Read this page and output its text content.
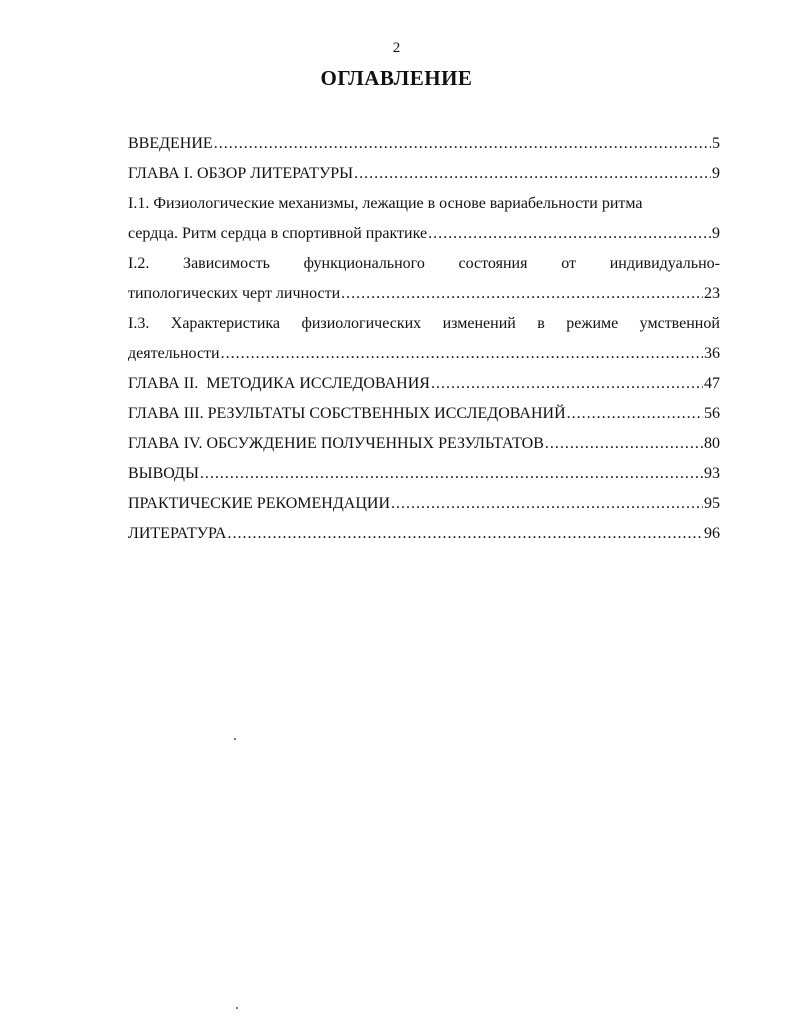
2
ОГЛАВЛЕНИЕ
ВВЕДЕНИЕ .....	5
ГЛАВА I. ОБЗОР ЛИТЕРАТУРЫ .....	9
I.1. Физиологические механизмы, лежащие в основе вариабельности ритма
сердца. Ритм сердца в спортивной практике .....	9
I.2. Зависимость функционального состояния от индивидуально-
типологических черт личности .....	23
I.3. Характеристика физиологических изменений в режиме умственной
деятельности .....	36
ГЛАВА II.  МЕТОДИКА ИССЛЕДОВАНИЯ .....	47
ГЛАВА III. РЕЗУЛЬТАТЫ СОБСТВЕННЫХ ИССЛЕДОВАНИЙ .....	56
ГЛАВА IV. ОБСУЖДЕНИЕ ПОЛУЧЕННЫХ РЕЗУЛЬТАТОВ .....	80
ВЫВОДЫ .....	93
ПРАКТИЧЕСКИЕ РЕКОМЕНДАЦИИ .....	95
ЛИТЕРАТУРА .....	96
